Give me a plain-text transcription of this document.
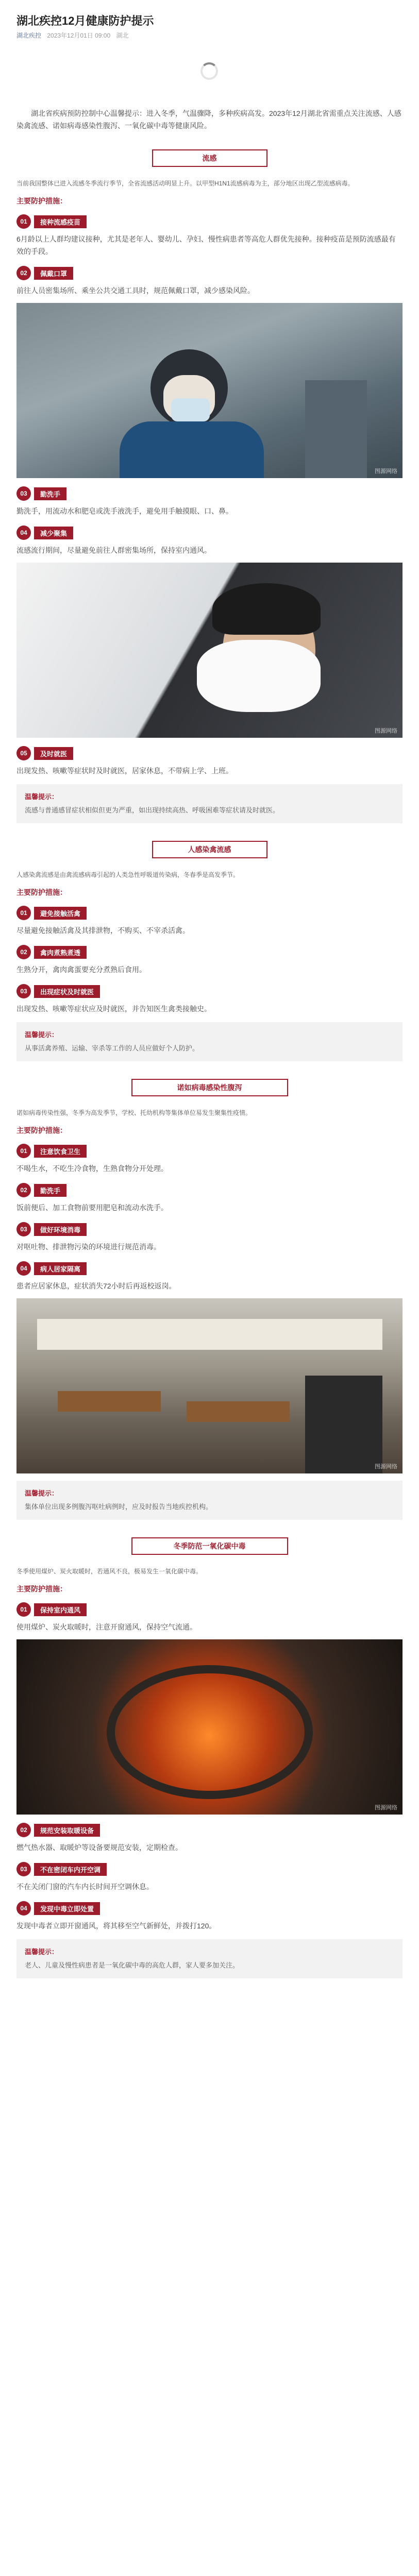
湖北疾控12月健康防护提示
湖北疾控 2023年12月01日 09:00 湖北

湖北省疾病预防控制中心温馨提示：进入冬季，气温骤降，多种疾病高发。2023年12月湖北省需重点关注流感、人感染禽流感、诺如病毒感染性腹泻、一氧化碳中毒等健康风险。

流感

当前我国整体已进入流感冬季流行季节，全省流感活动明显上升。以甲型H1N1流感病毒为主，部分地区出现乙型流感病毒。

主要防护措施：
01	接种流感疫苗

6月龄以上人群均建议接种，尤其是老年人、婴幼儿、孕妇、慢性病患者等高危人群优先接种。接种疫苗是预防流感最有效的手段。

02	佩戴口罩

前往人员密集场所、乘坐公共交通工具时，规范佩戴口罩，减少感染风险。

图源网络
03	勤洗手

勤洗手，用流动水和肥皂或洗手液洗手，避免用手触摸眼、口、鼻。

04	减少聚集

流感流行期间，尽量避免前往人群密集场所，保持室内通风。

图源网络
05	及时就医

出现发热、咳嗽等症状时及时就医，居家休息，不带病上学、上班。

温馨提示：
流感与普通感冒症状相似但更为严重，如出现持续高热、呼吸困难等症状请及时就医。
人感染禽流感

人感染禽流感是由禽流感病毒引起的人类急性呼吸道传染病，冬春季是高发季节。

主要防护措施：
01	避免接触活禽

尽量避免接触活禽及其排泄物，不购买、不宰杀活禽。

02	禽肉煮熟煮透

生熟分开，禽肉禽蛋要充分煮熟后食用。

03	出现症状及时就医

出现发热、咳嗽等症状应及时就医，并告知医生禽类接触史。

温馨提示：
从事活禽养殖、运输、宰杀等工作的人员应做好个人防护。
诺如病毒感染性腹泻

诺如病毒传染性强，冬季为高发季节，学校、托幼机构等集体单位易发生聚集性疫情。

主要防护措施：
01	注意饮食卫生

不喝生水，不吃生冷食物，生熟食物分开处理。

02	勤洗手

饭前便后、加工食物前要用肥皂和流动水洗手。

03	做好环境消毒

对呕吐物、排泄物污染的环境进行规范消毒。

04	病人居家隔离

患者应居家休息，症状消失72小时后再返校返岗。

图源网络
温馨提示：
集体单位出现多例腹泻呕吐病例时，应及时报告当地疾控机构。
冬季防范一氧化碳中毒

冬季使用煤炉、炭火取暖时，若通风不良，极易发生一氧化碳中毒。

主要防护措施：
01	保持室内通风

使用煤炉、炭火取暖时，注意开窗通风，保持空气流通。

图源网络
02	规范安装取暖设备

燃气热水器、取暖炉等设备要规范安装，定期检查。

03	不在密闭车内开空调

不在关闭门窗的汽车内长时间开空调休息。

04	发现中毒立即处置

发现中毒者立即开窗通风，将其移至空气新鲜处，并拨打120。

温馨提示：
老人、儿童及慢性病患者是一氧化碳中毒的高危人群，家人要多加关注。
